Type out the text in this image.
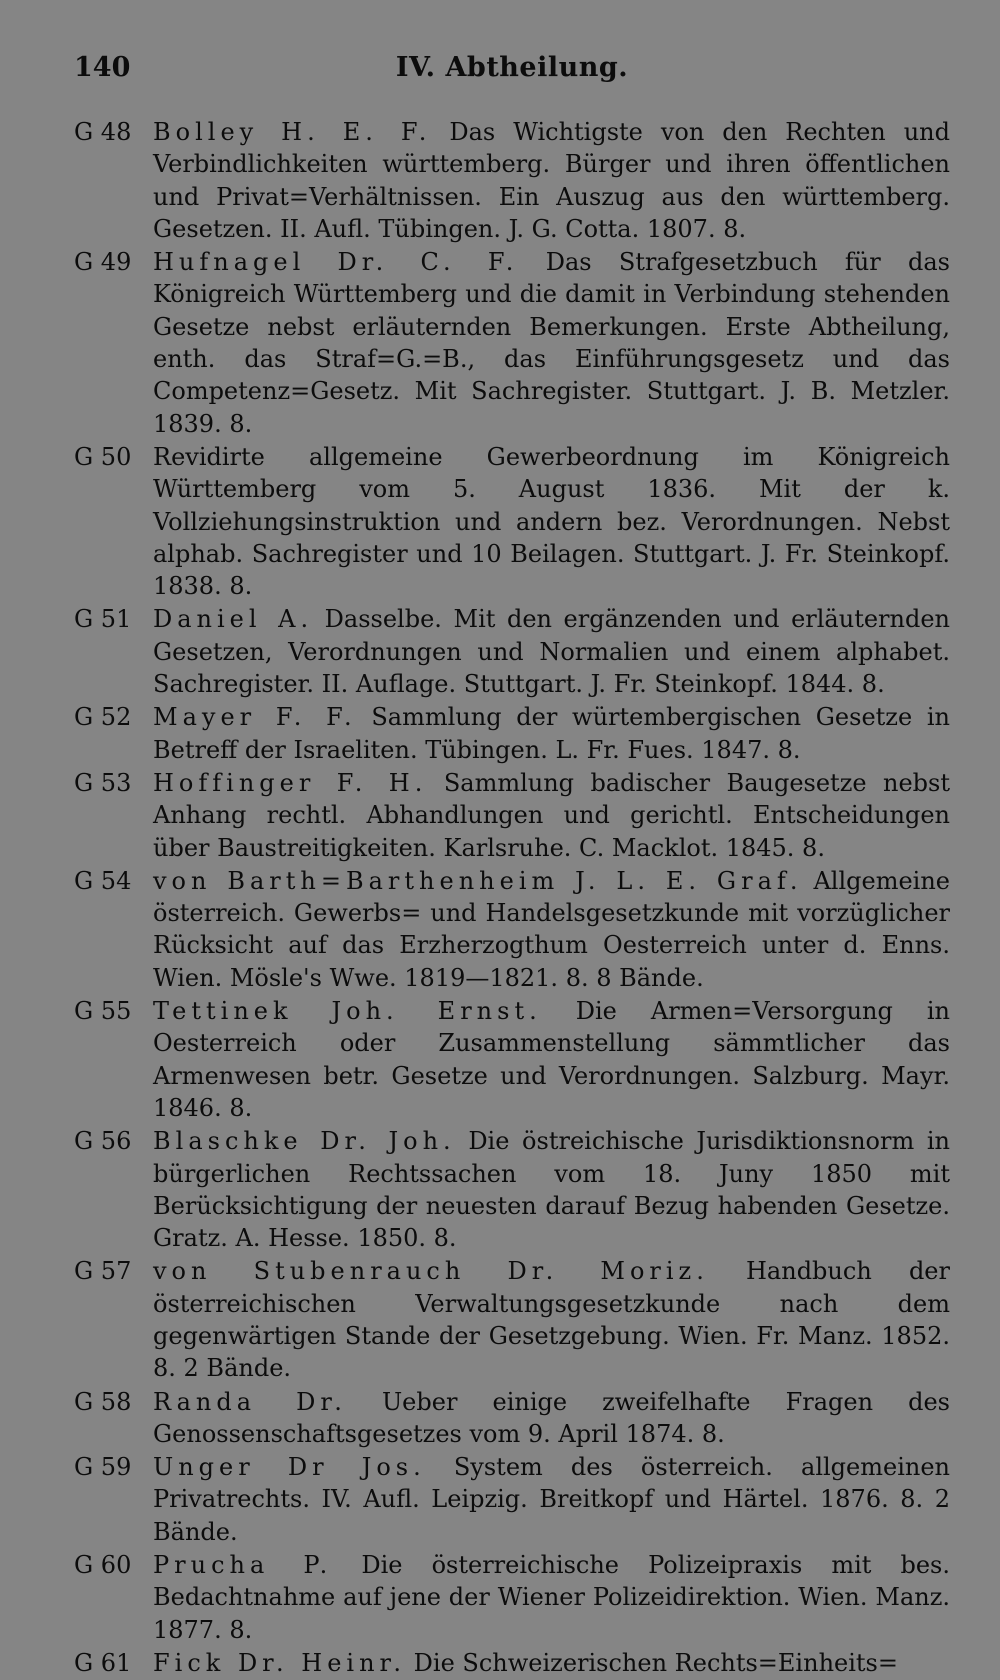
140	IV. Abtheilung.
G 48 Bolley H. E. F. Das Wichtigste von den Rechten und Verbindlichkeiten württemberg. Bürger und ihren öffentlichen und Privat=Verhältnissen. Ein Auszug aus den württemberg. Gesetzen. II. Aufl. Tübingen. J. G. Cotta. 1807. 8.
G 49 Hufnagel Dr. C. F. Das Strafgesetzbuch für das Königreich Württemberg und die damit in Verbindung stehenden Gesetze nebst erläuternden Bemerkungen. Erste Abtheilung, enth. das Straf=G.=B., das Einführungsgesetz und das Competenz=Gesetz. Mit Sachregister. Stuttgart. J. B. Metzler. 1839. 8.
G 50 Revidirte allgemeine Gewerbeordnung im Königreich Württemberg vom 5. August 1836. Mit der k. Vollziehungsinstruktion und andern bez. Verordnungen. Nebst alphab. Sachregister und 10 Beilagen. Stuttgart. J. Fr. Steinkopf. 1838. 8.
G 51 Daniel A. Dasselbe. Mit den ergänzenden und erläuternden Gesetzen, Verordnungen und Normalien und einem alphabet. Sachregister. II. Auflage. Stuttgart. J. Fr. Steinkopf. 1844. 8.
G 52 Mayer F. F. Sammlung der würtembergischen Gesetze in Betreff der Israeliten. Tübingen. L. Fr. Fues. 1847. 8.
G 53 Hoffinger F. H. Sammlung badischer Baugesetze nebst Anhang rechtl. Abhandlungen und gerichtl. Entscheidungen über Baustreitigkeiten. Karlsruhe. C. Macklot. 1845. 8.
G 54 von Barth=Barthenheim J. L. E. Graf. Allgemeine österreich. Gewerbs= und Handelsgesetzkunde mit vorzüglicher Rücksicht auf das Erzherzogthum Oesterreich unter d. Enns. Wien. Mösle's Wwe. 1819—1821. 8. 8 Bände.
G 55 Tettinek Joh. Ernst. Die Armen=Versorgung in Oesterreich oder Zusammenstellung sämmtlicher das Armenwesen betr. Gesetze und Verordnungen. Salzburg. Mayr. 1846. 8.
G 56 Blaschke Dr. Joh. Die östreichische Jurisdiktionsnorm in bürgerlichen Rechtssachen vom 18. Juny 1850 mit Berücksichtigung der neuesten darauf Bezug habenden Gesetze. Gratz. A. Hesse. 1850. 8.
G 57 von Stubenrauch Dr. Moriz. Handbuch der österreichischen Verwaltungsgesetzkunde nach dem gegenwärtigen Stande der Gesetzgebung. Wien. Fr. Manz. 1852. 8. 2 Bände.
G 58 Randa Dr. Ueber einige zweifelhafte Fragen des Genossenschaftsgesetzes vom 9. April 1874. 8.
G 59 Unger Dr Jos. System des österreich. allgemeinen Privatrechts. IV. Aufl. Leipzig. Breitkopf und Härtel. 1876. 8. 2 Bände.
G 60 Prucha P. Die österreichische Polizeipraxis mit bes. Bedachtnahme auf jene der Wiener Polizeidirektion. Wien. Manz. 1877. 8.
G 61 Fick Dr. Heinr. Die Schweizerischen Rechts=Einheits=
